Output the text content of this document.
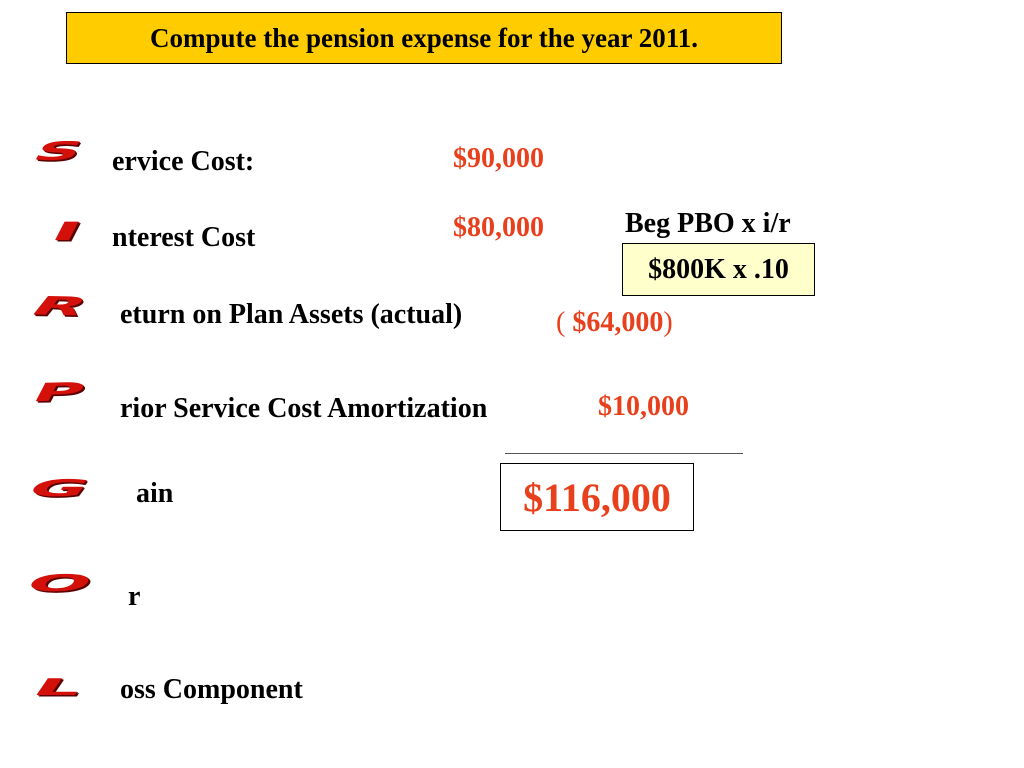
Compute the pension expense for the year 2011.
S ervice Cost:	$90,000
I nterest Cost	$80,000	Beg PBO x i/r
$800K x .10
R eturn on Plan Assets (actual)	( $64,000)
P
rior Service Cost Amortization	$10,000
G ain	$116,000
O r
L oss Component
